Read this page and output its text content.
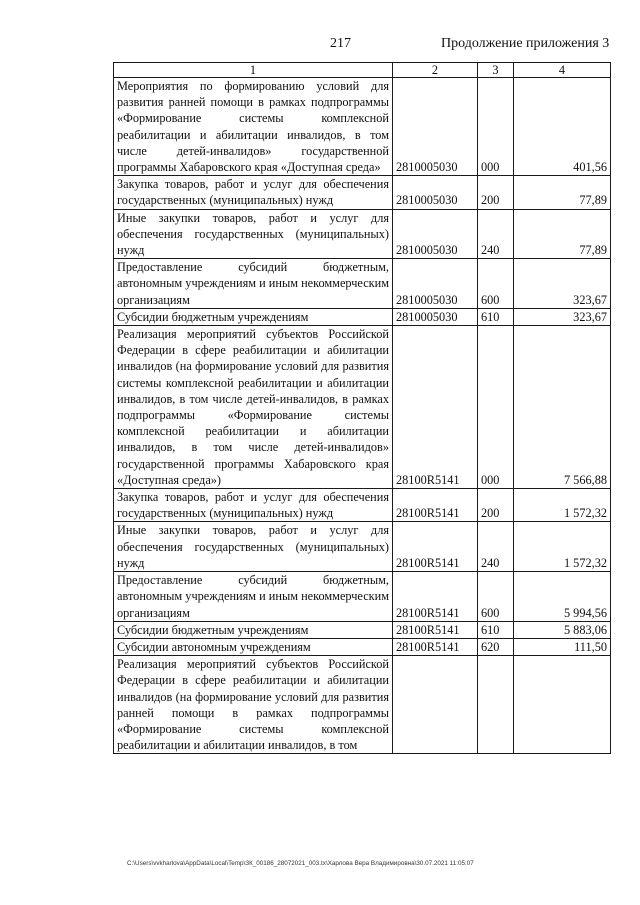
217	Продолжение приложения 3
1	2	3	4
Мероприятия по формированию условий для развития ранней помощи в рамках подпрограммы «Формирование системы комплексной реабилитации и абилитации инвалидов, в том числе детей-инвалидов» государственной программы Хабаровского края «Доступная среда»	2810005030	000	401,56
Закупка товаров, работ и услуг для обеспечения государственных (муниципальных) нужд	2810005030	200	77,89
Иные закупки товаров, работ и услуг для обеспечения государственных (муниципальных) нужд	2810005030	240	77,89
Предоставление субсидий бюджетным, автономным учреждениям и иным некоммерческим организациям	2810005030	600	323,67
Субсидии бюджетным учреждениям	2810005030	610	323,67
Реализация мероприятий субъектов Российской Федерации в сфере реабилитации и абилитации инвалидов (на формирование условий для развития системы комплексной реабилитации и абилитации инвалидов, в том числе детей-инвалидов, в рамках подпрограммы «Формирование системы комплексной реабилитации и абилитации инвалидов, в том числе детей-инвалидов» государственной программы Хабаровского края «Доступная среда»)	28100R5141	000	7 566,88
Закупка товаров, работ и услуг для обеспечения государственных (муниципальных) нужд	28100R5141	200	1 572,32
Иные закупки товаров, работ и услуг для обеспечения государственных (муниципальных) нужд	28100R5141	240	1 572,32
Предоставление субсидий бюджетным, автономным учреждениям и иным некоммерческим организациям	28100R5141	600	5 994,56
Субсидии бюджетным учреждениям	28100R5141	610	5 883,06
Субсидии автономным учреждениям	28100R5141	620	111,50
Реализация мероприятий субъектов Российской Федерации в сфере реабилитации и абилитации инвалидов (на формирование условий для развития ранней помощи в рамках подпрограммы «Формирование системы комплексной реабилитации и абилитации инвалидов, в том			
C:\Users\vvkharlova\AppData\Local\Temp\ЗК_00186_28072021_003.tx\Харлова Вера Владимировна\30.07.2021 11:05:07
